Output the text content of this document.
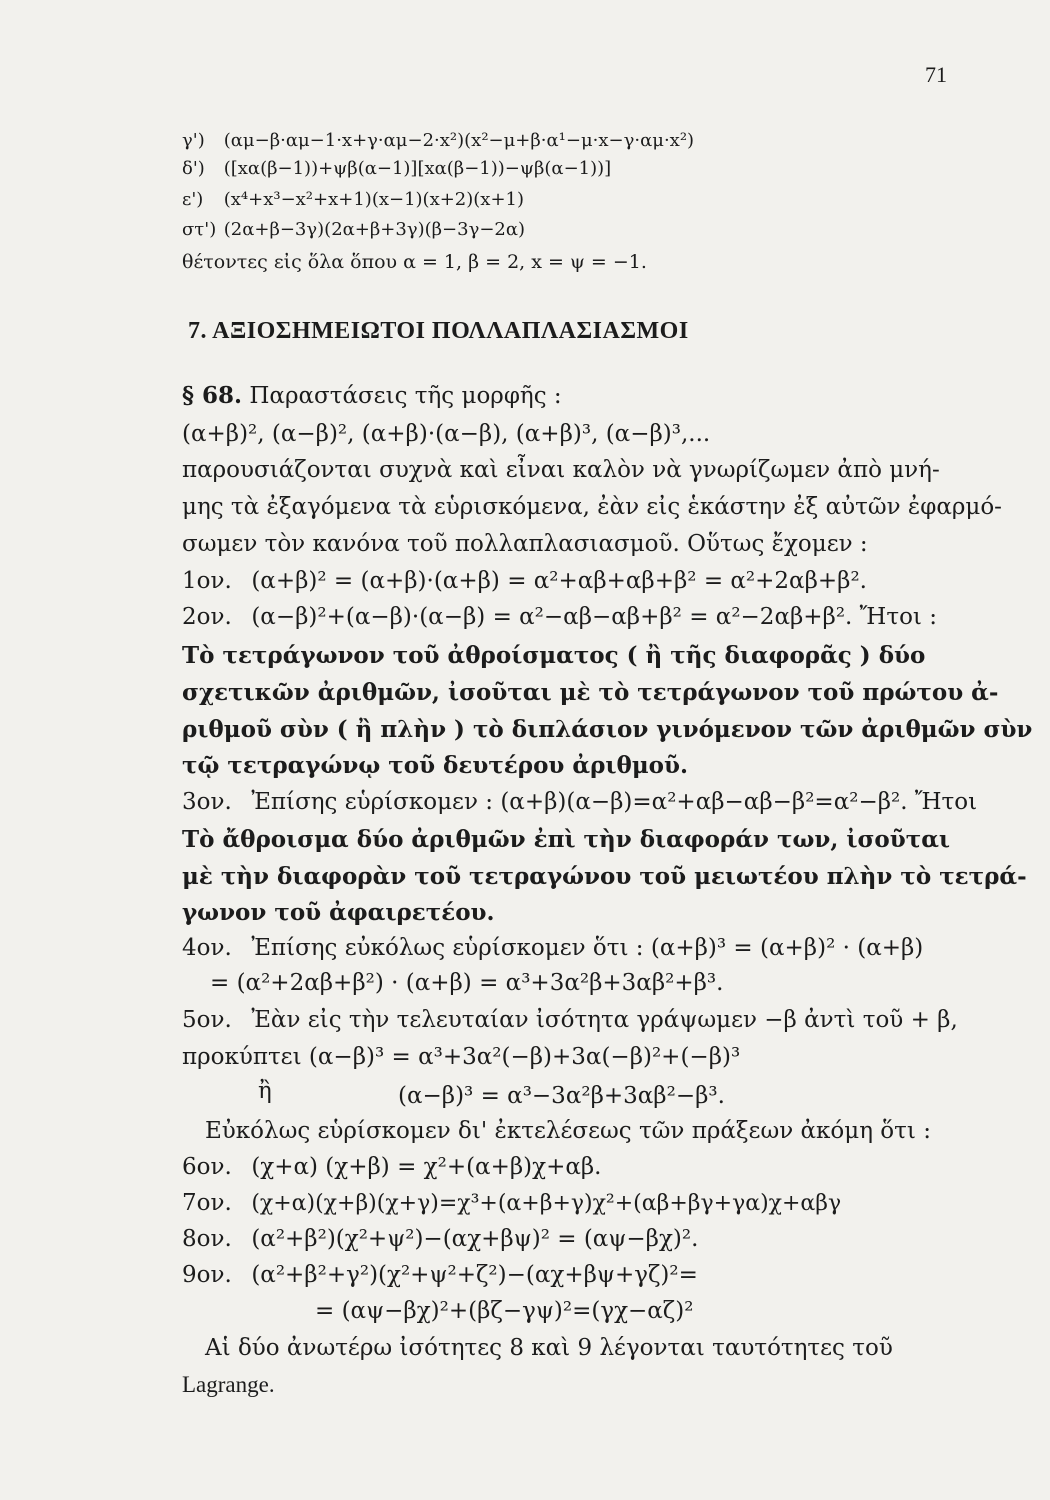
71
γ') (αμ−β·αμ−1·x+γ·αμ−2·x²)(x²−μ+β·α¹−μ·x−γ·αμ·x²)
δ') ([xα(β−1))+ψβ(α−1)][xα(β−1))−ψβ(α−1))]
ε') (x⁴+x³−x²+x+1)(x−1)(x+2)(x+1)
στ') (2α+β−3γ)(2α+β+3γ)(β−3γ−2α)
θέτοντες εἰς ὅλα ὅπου α = 1, β = 2, x = ψ = −1.
7. ΑΞΙΟΣΗΜΕΙΩΤΟΙ ΠΟΛΛΑΠΛΑΣΙΑΣΜΟΙ
§ 68. Παραστάσεις τῆς μορφῆς :
(α+β)², (α−β)², (α+β)·(α−β), (α+β)³, (α−β)³,...
παρουσιάζονται συχνὰ καὶ εἶναι καλὸν νὰ γνωρίζωμεν ἀπὸ μνή-
μης τὰ ἐξαγόμενα τὰ εὑρισκόμενα, ἐὰν εἰς ἑκάστην ἐξ αὐτῶν ἐφαρμό-
σωμεν τὸν κανόνα τοῦ πολλαπλασιασμοῦ. Οὕτως ἔχομεν :
1ον. (α+β)² = (α+β)·(α+β) = α²+αβ+αβ+β² = α²+2αβ+β².
2ον. (α−β)²+(α−β)·(α−β) = α²−αβ−αβ+β² = α²−2αβ+β². Ἤτοι :
Τὸ τετράγωνον τοῦ ἀθροίσματος ( ἢ τῆς διαφορᾶς ) δύο
σχετικῶν ἀριθμῶν, ἰσοῦται μὲ τὸ τετράγωνον τοῦ πρώτου ἀ-
ριθμοῦ σὺν ( ἢ πλὴν ) τὸ διπλάσιον γινόμενον τῶν ἀριθμῶν σὺν
τῷ τετραγώνῳ τοῦ δευτέρου ἀριθμοῦ.
3ον. Ἐπίσης εὑρίσκομεν : (α+β)(α−β)=α²+αβ−αβ−β²=α²−β². Ἤτοι
Τὸ ἄθροισμα δύο ἀριθμῶν ἐπὶ τὴν διαφοράν των, ἰσοῦται
μὲ τὴν διαφορὰν τοῦ τετραγώνου τοῦ μειωτέου πλὴν τὸ τετρά-
γωνον τοῦ ἀφαιρετέου.
4ον. Ἐπίσης εὐκόλως εὑρίσκομεν ὅτι : (α+β)³ = (α+β)² · (α+β)
= (α²+2αβ+β²) · (α+β) = α³+3α²β+3αβ²+β³.
5ον. Ἐὰν εἰς τὴν τελευταίαν ἰσότητα γράψωμεν −β ἀντὶ τοῦ + β,
προκύπτει (α−β)³ = α³+3α²(−β)+3α(−β)²+(−β)³
ἢ	(α−β)³ = α³−3α²β+3αβ²−β³.
Εὐκόλως εὑρίσκομεν δι' ἐκτελέσεως τῶν πράξεων ἀκόμη ὅτι :
6ον. (χ+α) (χ+β) = χ²+(α+β)χ+αβ.
7ον. (χ+α)(χ+β)(χ+γ)=χ³+(α+β+γ)χ²+(αβ+βγ+γα)χ+αβγ
8ον. (α²+β²)(χ²+ψ²)−(αχ+βψ)² = (αψ−βχ)².
9ον. (α²+β²+γ²)(χ²+ψ²+ζ²)−(αχ+βψ+γζ)²=
= (αψ−βχ)²+(βζ−γψ)²=(γχ−αζ)²
Αἱ δύο ἀνωτέρω ἰσότητες 8 καὶ 9 λέγονται ταυτότητες τοῦ
Lagrange.
